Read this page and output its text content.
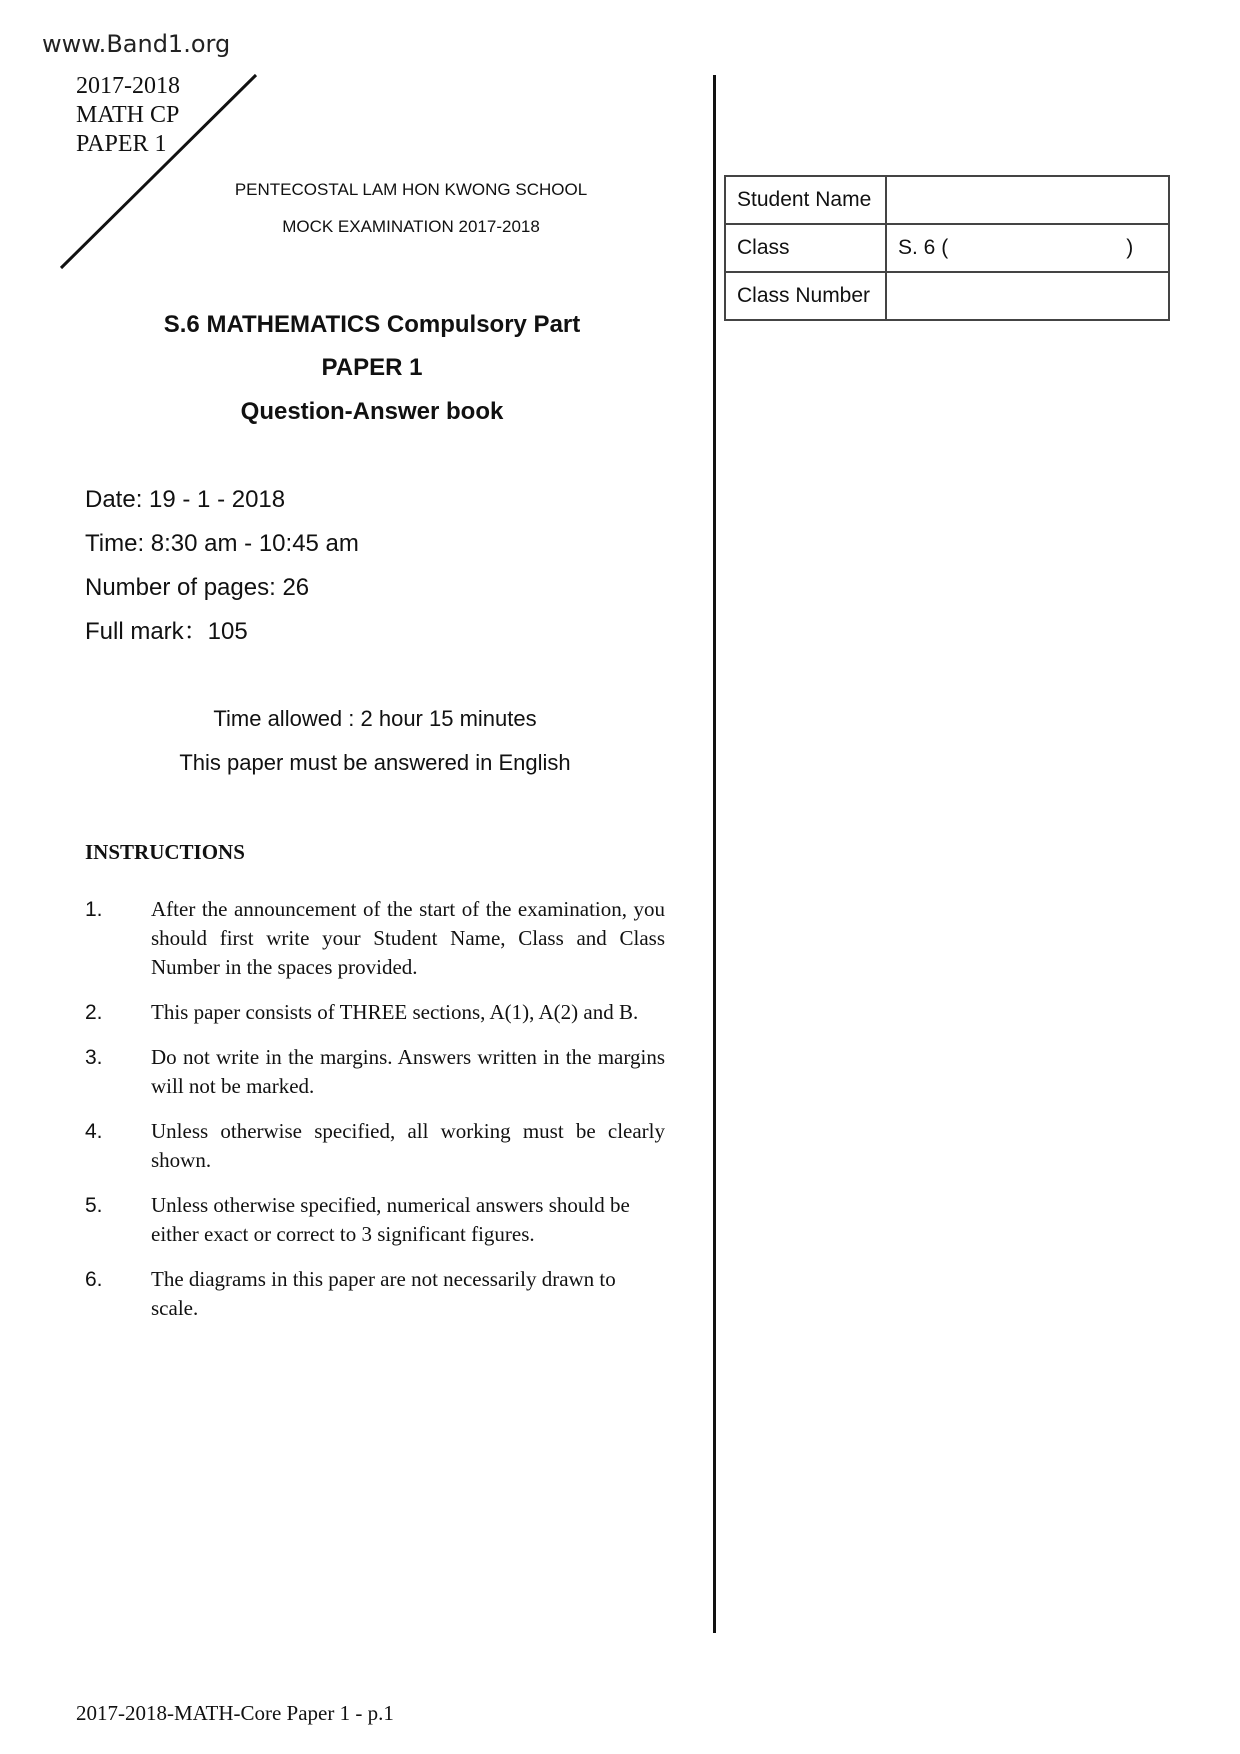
www.Band1.org
2017-2018
MATH CP
PAPER 1
PENTECOSTAL LAM HON KWONG SCHOOL
MOCK EXAMINATION 2017-2018
S.6 MATHEMATICS Compulsory Part
PAPER 1
Question-Answer book
Date: 19 - 1 - 2018
Time: 8:30 am - 10:45 am
Number of pages: 26
Full mark：105
Time allowed : 2 hour 15 minutes
This paper must be answered in English
INSTRUCTIONS
1. After the announcement of the start of the examination, you should first write your Student Name, Class and Class Number in the spaces provided.
2. This paper consists of THREE sections, A(1), A(2) and B.
3. Do not write in the margins. Answers written in the margins will not be marked.
4. Unless otherwise specified, all working must be clearly shown.
5. Unless otherwise specified, numerical answers should be either exact or correct to 3 significant figures.
6. The diagrams in this paper are not necessarily drawn to scale.
Student Name	
Class	S. 6 ( )
Class Number	
2017-2018-MATH-Core Paper 1 - p.1
